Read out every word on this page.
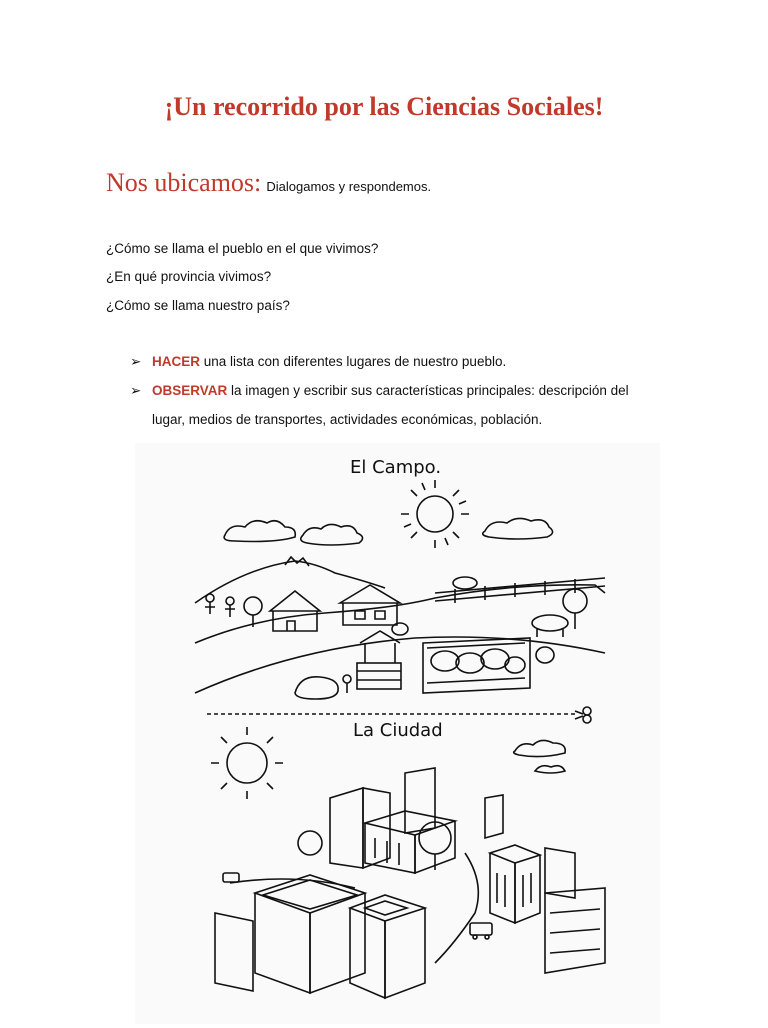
¡Un recorrido por las Ciencias Sociales!
Nos ubicamos: Dialogamos y respondemos.
¿Cómo se llama el pueblo en el que vivimos?
¿En qué provincia vivimos?
¿Cómo se llama nuestro país?
➢ HACER una lista con diferentes lugares de nuestro pueblo.
➢ OBSERVAR la imagen y escribir sus características principales: descripción del
lugar, medios de transportes, actividades económicas, población.
El Campo.
La Ciudad
